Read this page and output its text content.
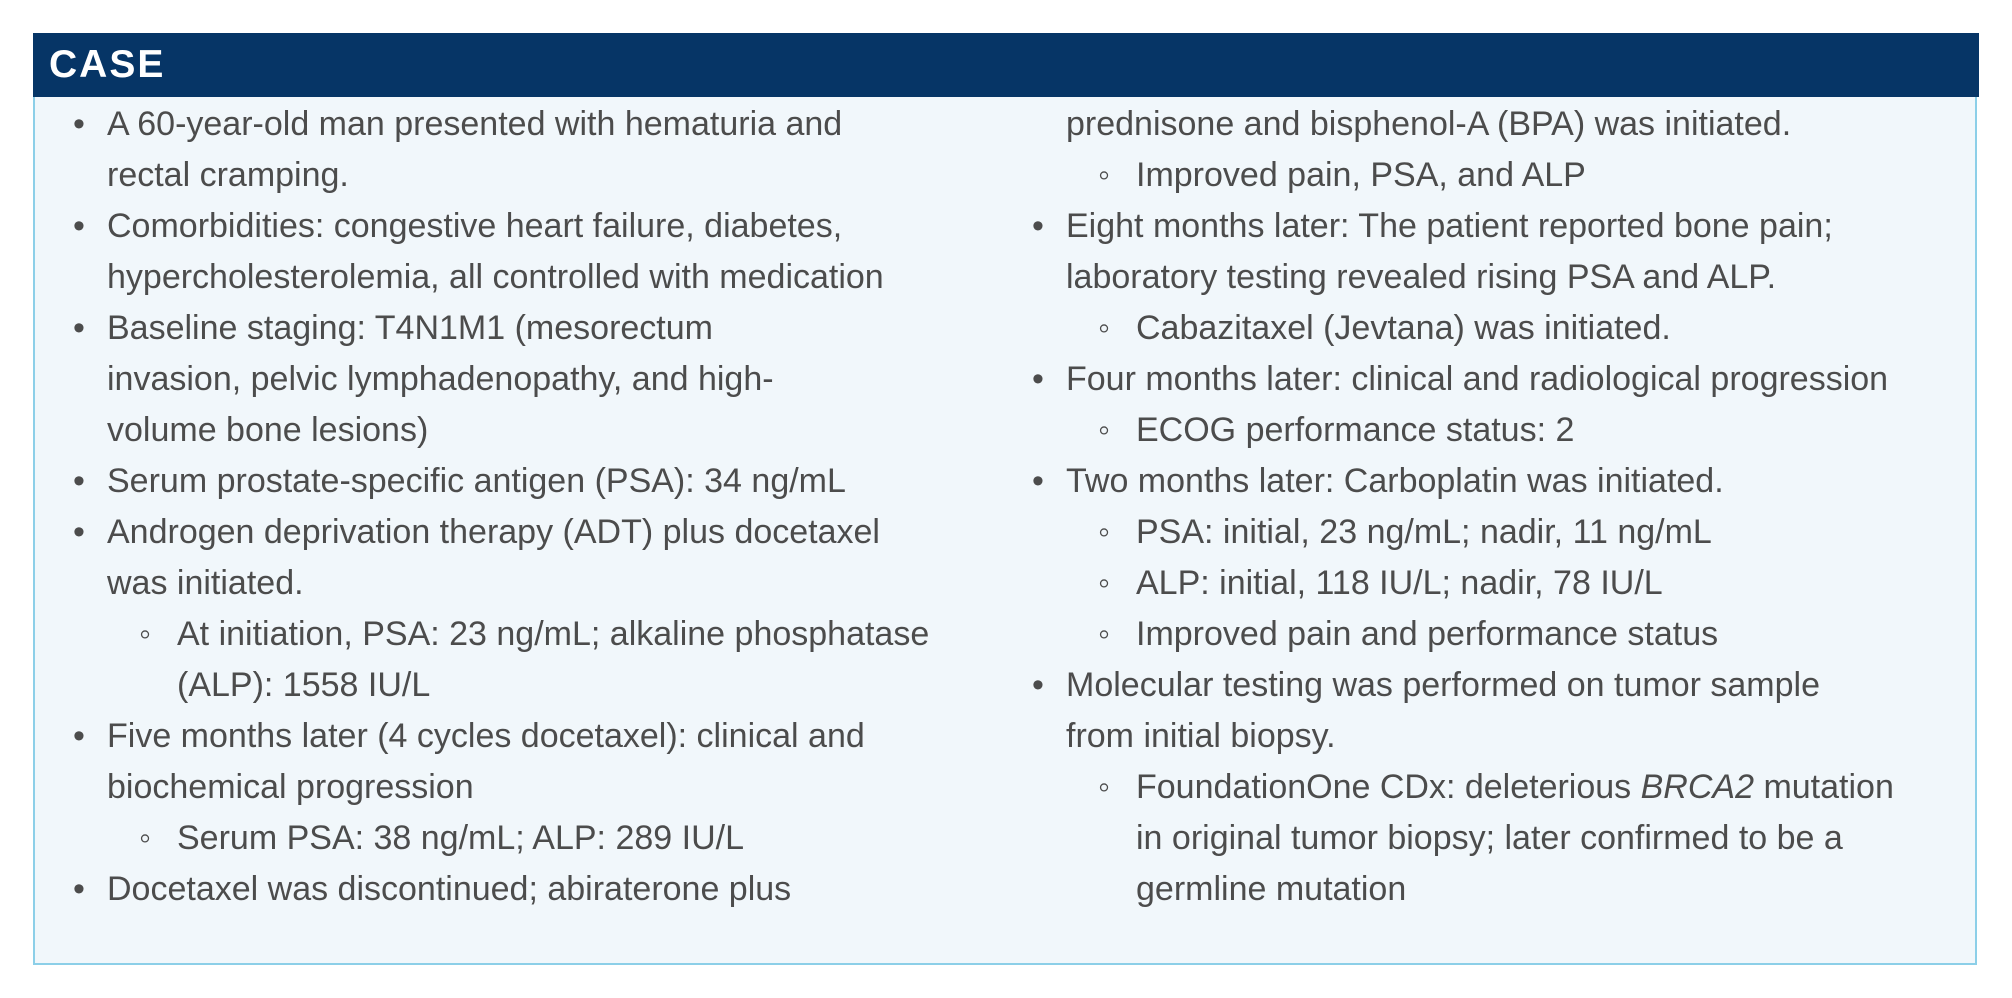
CASE
• A 60-year-old man presented with hematuria and
rectal cramping.
• Comorbidities: congestive heart failure, diabetes,
hypercholesterolemia, all controlled with medication
• Baseline staging: T4N1M1 (mesorectum
invasion, pelvic lymphadenopathy, and high-
volume bone lesions)
• Serum prostate-specific antigen (PSA): 34 ng/mL
• Androgen deprivation therapy (ADT) plus docetaxel
was initiated.
◦ At initiation, PSA: 23 ng/mL; alkaline phosphatase
(ALP): 1558 IU/L
• Five months later (4 cycles docetaxel): clinical and
biochemical progression
◦ Serum PSA: 38 ng/mL; ALP: 289 IU/L
• Docetaxel was discontinued; abiraterone plus
prednisone and bisphenol-A (BPA) was initiated.
◦ Improved pain, PSA, and ALP
• Eight months later: The patient reported bone pain;
laboratory testing revealed rising PSA and ALP.
◦ Cabazitaxel (Jevtana) was initiated.
• Four months later: clinical and radiological progression
◦ ECOG performance status: 2
• Two months later: Carboplatin was initiated.
◦ PSA: initial, 23 ng/mL; nadir, 11 ng/mL
◦ ALP: initial, 118 IU/L; nadir, 78 IU/L
◦ Improved pain and performance status
• Molecular testing was performed on tumor sample
from initial biopsy.
◦ FoundationOne CDx: deleterious BRCA2 mutation
in original tumor biopsy; later confirmed to be a
germline mutation
